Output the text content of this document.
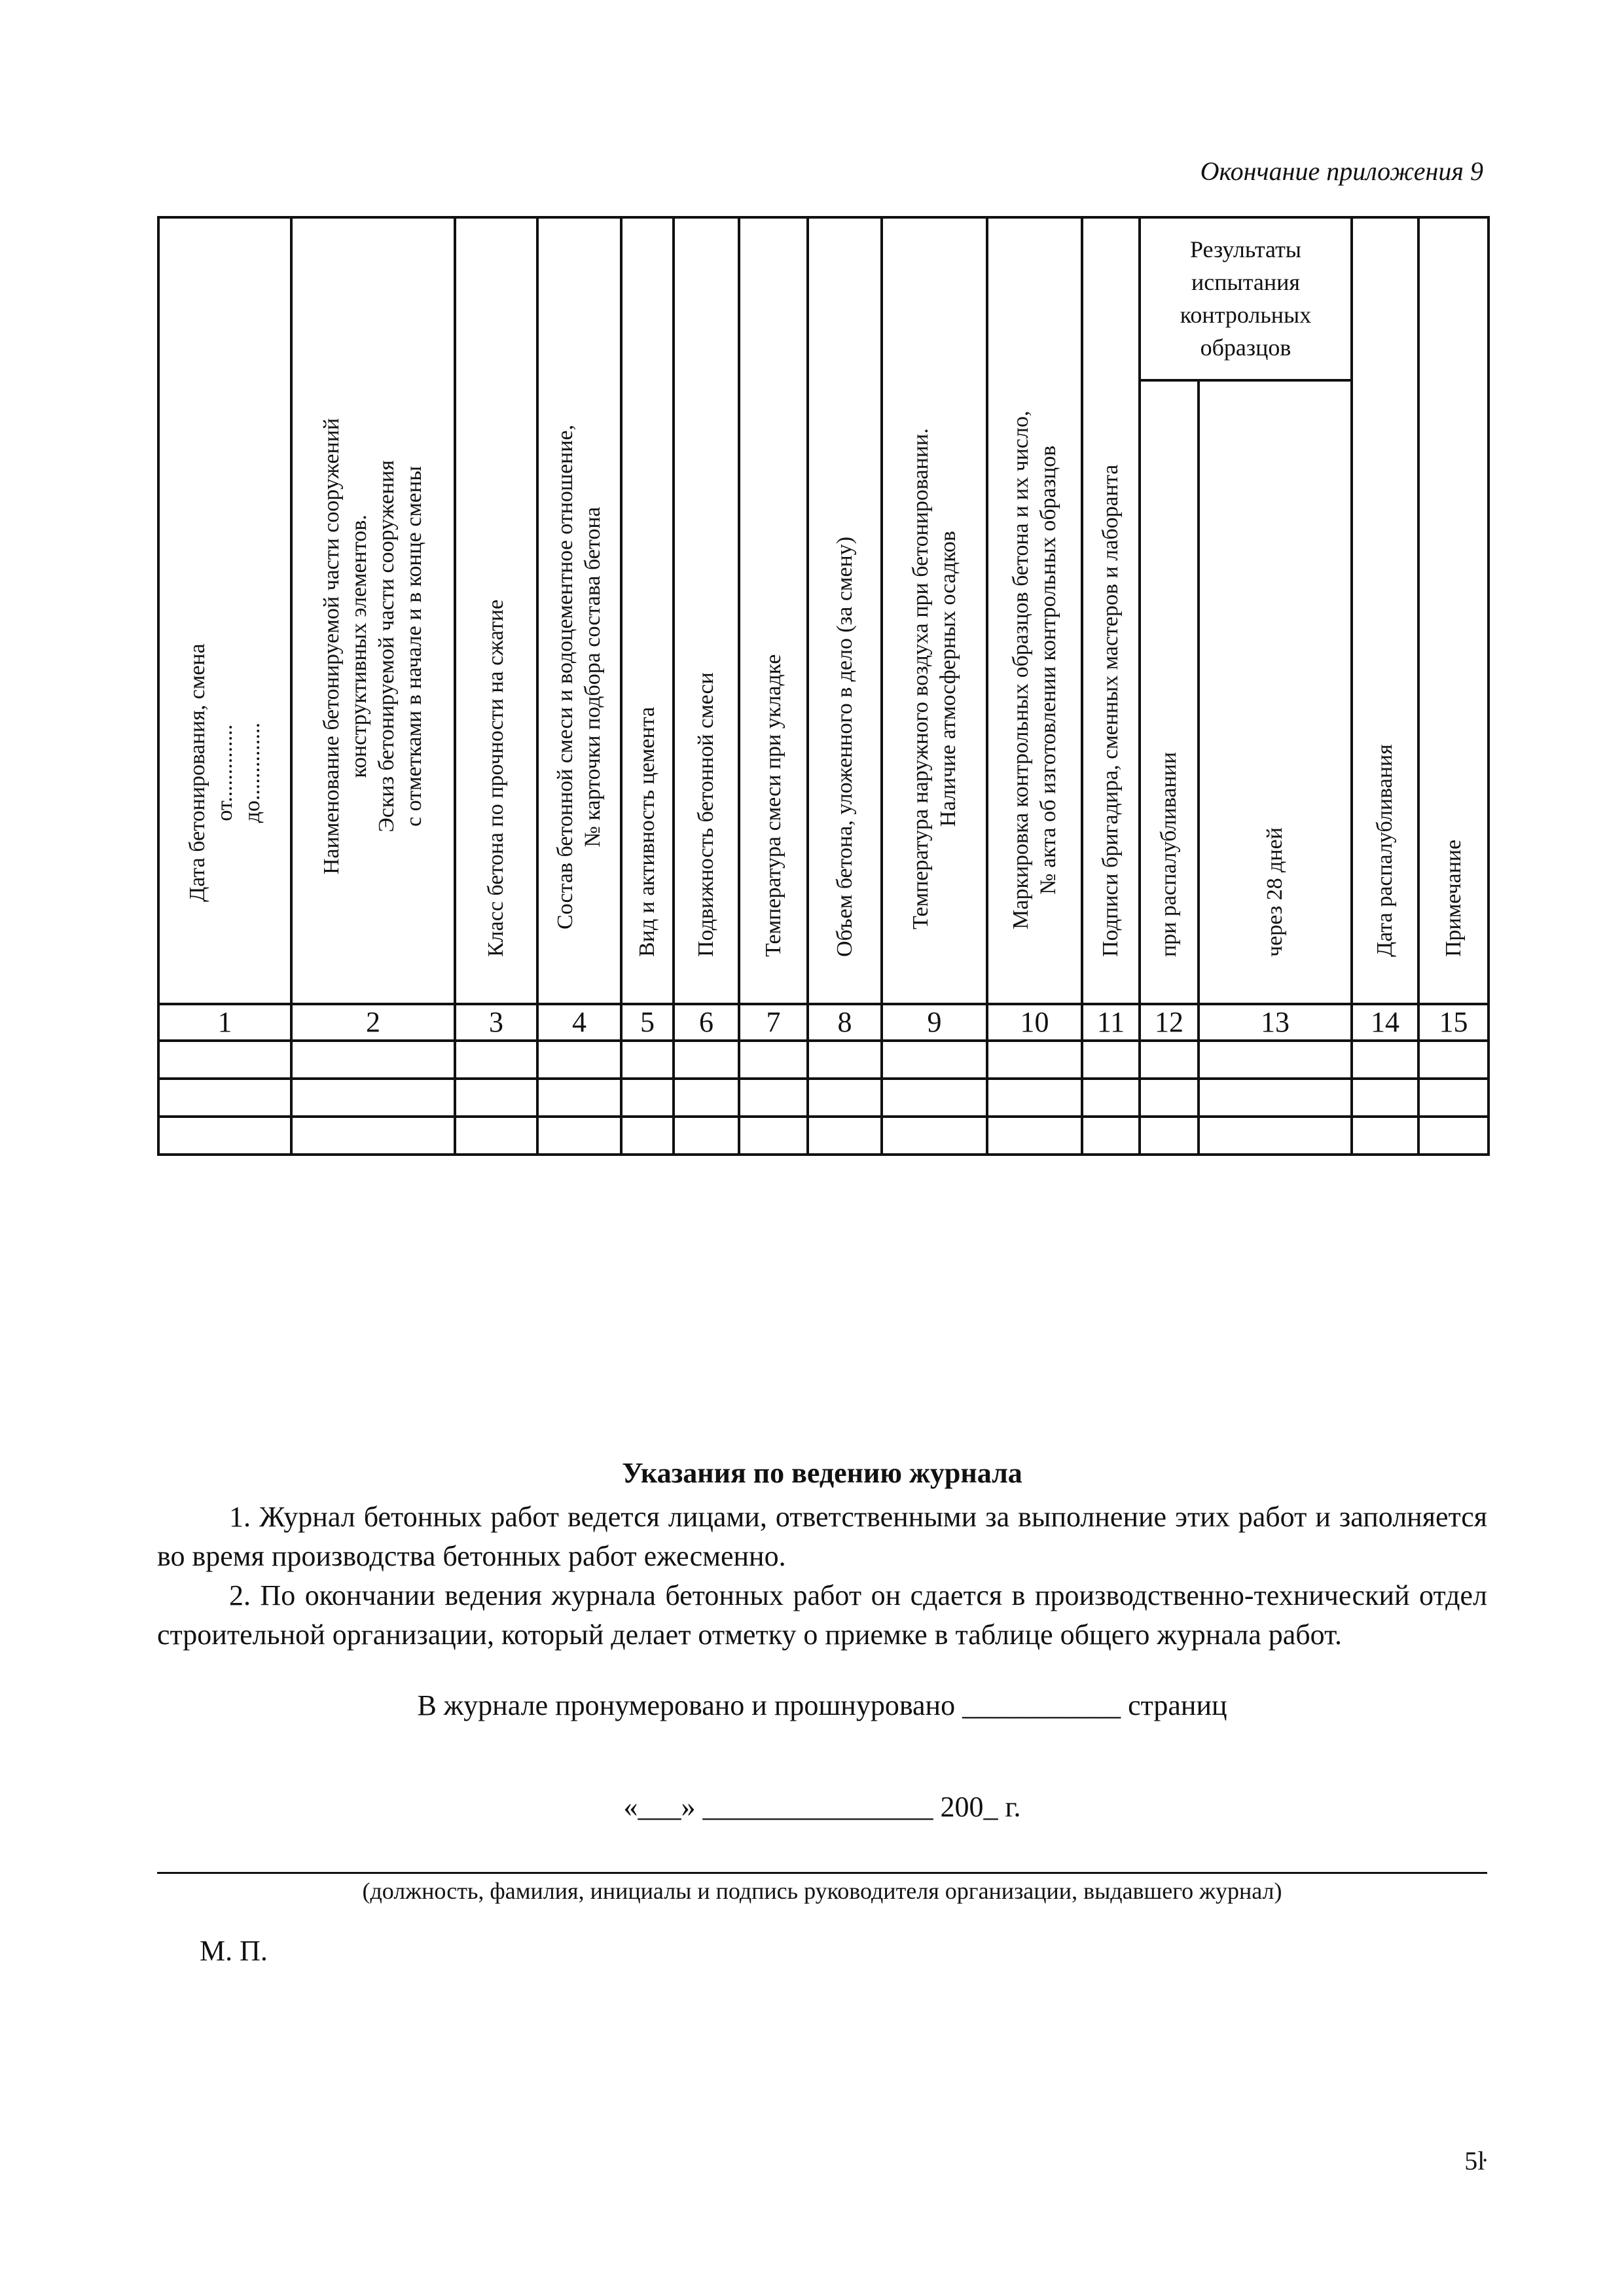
Окончание приложения 9

Дата бетонирования, смена от.............. до..............	Наименование бетонируемой части сооружений конструктивных элементов. Эскиз бетонируемой части сооружения с отметками в начале и в конце смены	Класс бетона по прочности на сжатие	Состав бетонной смеси и водоцементное отношение, № карточки подбора состава бетона	Вид и активность цемента	Подвижность бетонной смеси	Температура смеси при укладке	Объем бетона, уложенного в дело (за смену)	Температура наружного воздуха при бетонировании. Наличие атмосферных осадков	Маркировка контрольных образцов бетона и их число, № акта об изготовлении контрольных образцов	Подписи бригадира, сменных мастеров и лаборанта	Результаты испытания контрольных образцов		Дата распалубливания	Примечание

											при распалубливании	через 28 дней		

1	2	3	4	5	6	7	8	9	10	11	12	13	14	15

Указания по ведению журнала

1. Журнал бетонных работ ведется лицами, ответственными за выполнение этих работ и заполняется во время производства бетонных работ ежесменно.

2. По окончании ведения журнала бетонных работ он сдается в производственно-технический отдел строительной организации, который делает отметку о приемке в таблице общего журнала работ.

В журнале пронумеровано и прошнуровано ___________ страниц
«___» ________________ 200_ г.
(должность, фамилия, инициалы и подпись руководителя организации, выдавшего журнал)
М. П.
5ŀ
